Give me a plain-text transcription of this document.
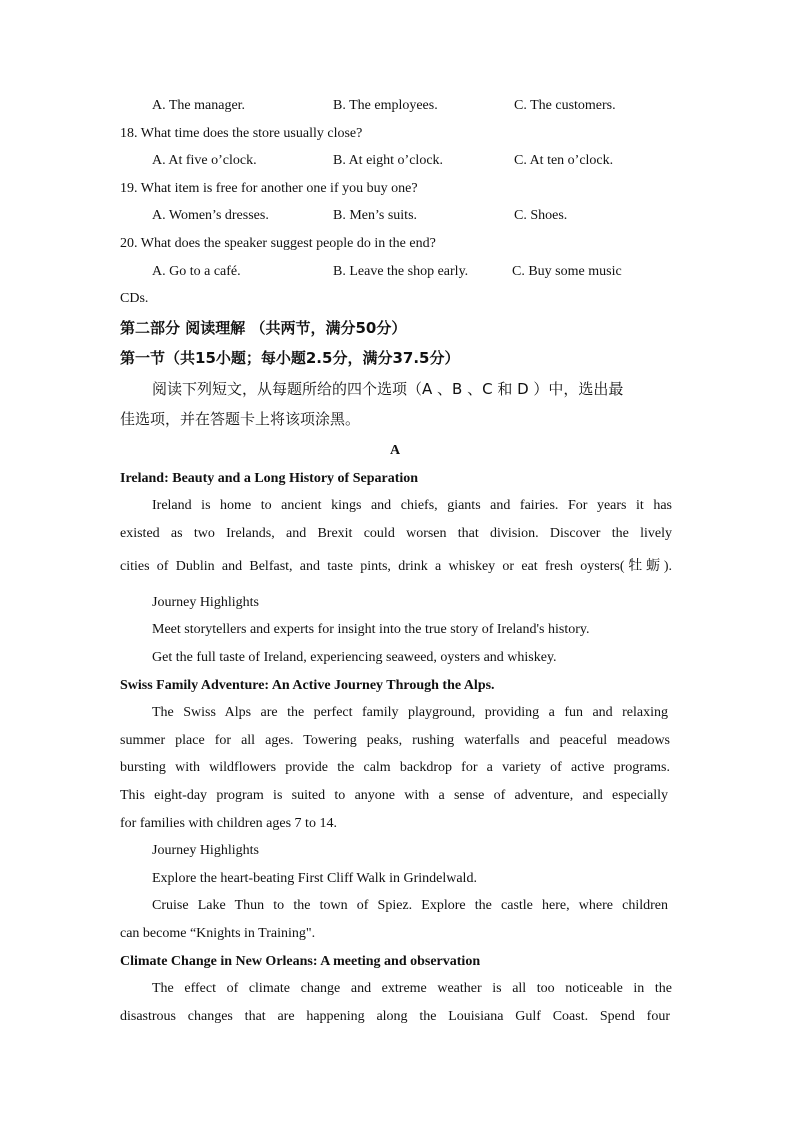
A. The manager.	B. The employees.	C. The customers.
18. What time does the store usually close?
A. At five o’clock.	B. At eight o’clock.	C. At ten o’clock.
19. What item is free for another one if you buy one?
A. Women’s dresses.	B. Men’s suits.	C. Shoes.
20. What does the speaker suggest people do in the end?
A. Go to a café.	B. Leave the shop early.	C. Buy some music
CDs.
第二部分 阅读理解 （共两节，满分50分）
第一节（共15小题；每小题2.5分，满分37.5分）
阅读下列短文，从每题所给的四个选项（A 、B 、C 和 D ）中，选出最
佳选项，并在答题卡上将该项涂黑。
A
Ireland: Beauty and a Long History of Separation
Ireland is home to ancient kings and chiefs, giants and fairies. For years it has
existed as two Irelands, and Brexit could worsen that division. Discover the lively
cities of Dublin and Belfast, and taste pints, drink a whiskey or eat fresh oysters(牡蛎).
Journey Highlights
Meet storytellers and experts for insight into the true story of Ireland's history.
Get the full taste of Ireland, experiencing seaweed, oysters and whiskey.
Swiss Family Adventure: An Active Journey Through the Alps.
The Swiss Alps are the perfect family playground, providing a fun and relaxing
summer place for all ages. Towering peaks, rushing waterfalls and peaceful meadows
bursting with wildflowers provide the calm backdrop for a variety of active programs.
This eight-day program is suited to anyone with a sense of adventure, and especially
for families with children ages 7 to 14.
Journey Highlights
Explore the heart-beating First Cliff Walk in Grindelwald.
Cruise Lake Thun to the town of Spiez. Explore the castle here, where children
can become “Knights in Training".
Climate Change in New Orleans: A meeting and observation
The effect of climate change and extreme weather is all too noticeable in the
disastrous changes that are happening along the Louisiana Gulf Coast. Spend four
